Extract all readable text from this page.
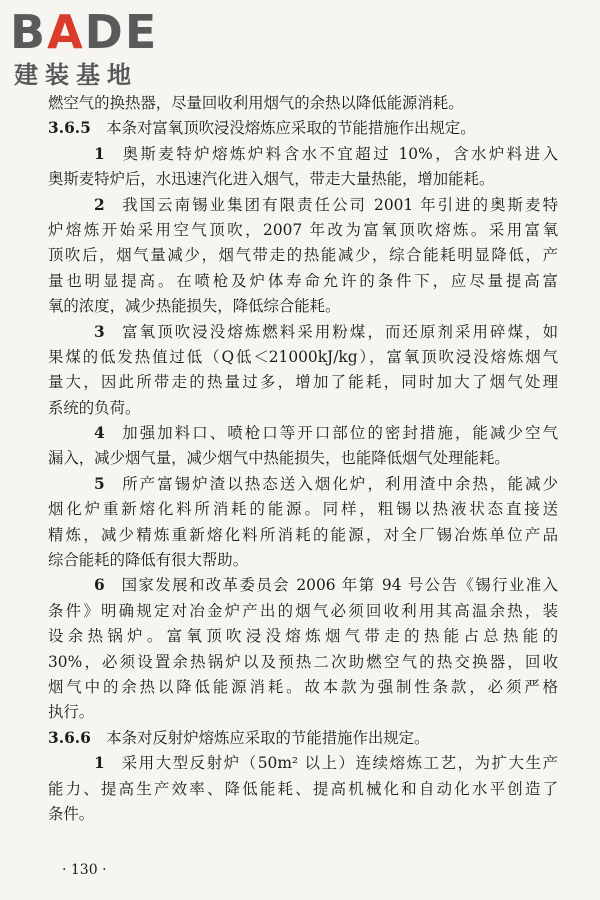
BADE
建装基地
燃空气的换热器，尽量回收利用烟气的余热以降低能源消耗。
3.6.5  本条对富氧顶吹浸没熔炼应采取的节能措施作出规定。
1  奥斯麦特炉熔炼炉料含水不宜超过 10%，含水炉料进入
奥斯麦特炉后，水迅速汽化进入烟气，带走大量热能，增加能耗。
2  我国云南锡业集团有限责任公司 2001 年引进的奥斯麦特
炉熔炼开始采用空气顶吹，2007 年改为富氧顶吹熔炼。采用富氧
顶吹后，烟气量减少，烟气带走的热能减少，综合能耗明显降低，产
量也明显提高。在喷枪及炉体寿命允许的条件下，应尽量提高富
氧的浓度，减少热能损失，降低综合能耗。
3  富氧顶吹浸没熔炼燃料采用粉煤，而还原剂采用碎煤，如
果煤的低发热值过低（Q低＜21000kJ/kg），富氧顶吹浸没熔炼烟气
量大，因此所带走的热量过多，增加了能耗，同时加大了烟气处理
系统的负荷。
4  加强加料口、喷枪口等开口部位的密封措施，能减少空气
漏入，减少烟气量，减少烟气中热能损失，也能降低烟气处理能耗。
5  所产富锡炉渣以热态送入烟化炉，利用渣中余热，能减少
烟化炉重新熔化料所消耗的能源。同样，粗锡以热液状态直接送
精炼，减少精炼重新熔化料所消耗的能源，对全厂锡冶炼单位产品
综合能耗的降低有很大帮助。
6  国家发展和改革委员会 2006 年第 94 号公告《锡行业准入
条件》明确规定对冶金炉产出的烟气必须回收利用其高温余热，装
设余热锅炉。富氧顶吹浸没熔炼烟气带走的热能占总热能的
30%，必须设置余热锅炉以及预热二次助燃空气的热交换器，回收
烟气中的余热以降低能源消耗。故本款为强制性条款，必须严格
执行。
3.6.6  本条对反射炉熔炼应采取的节能措施作出规定。
1  采用大型反射炉（50m² 以上）连续熔炼工艺，为扩大生产
能力、提高生产效率、降低能耗、提高机械化和自动化水平创造了
条件。
· 130 ·
